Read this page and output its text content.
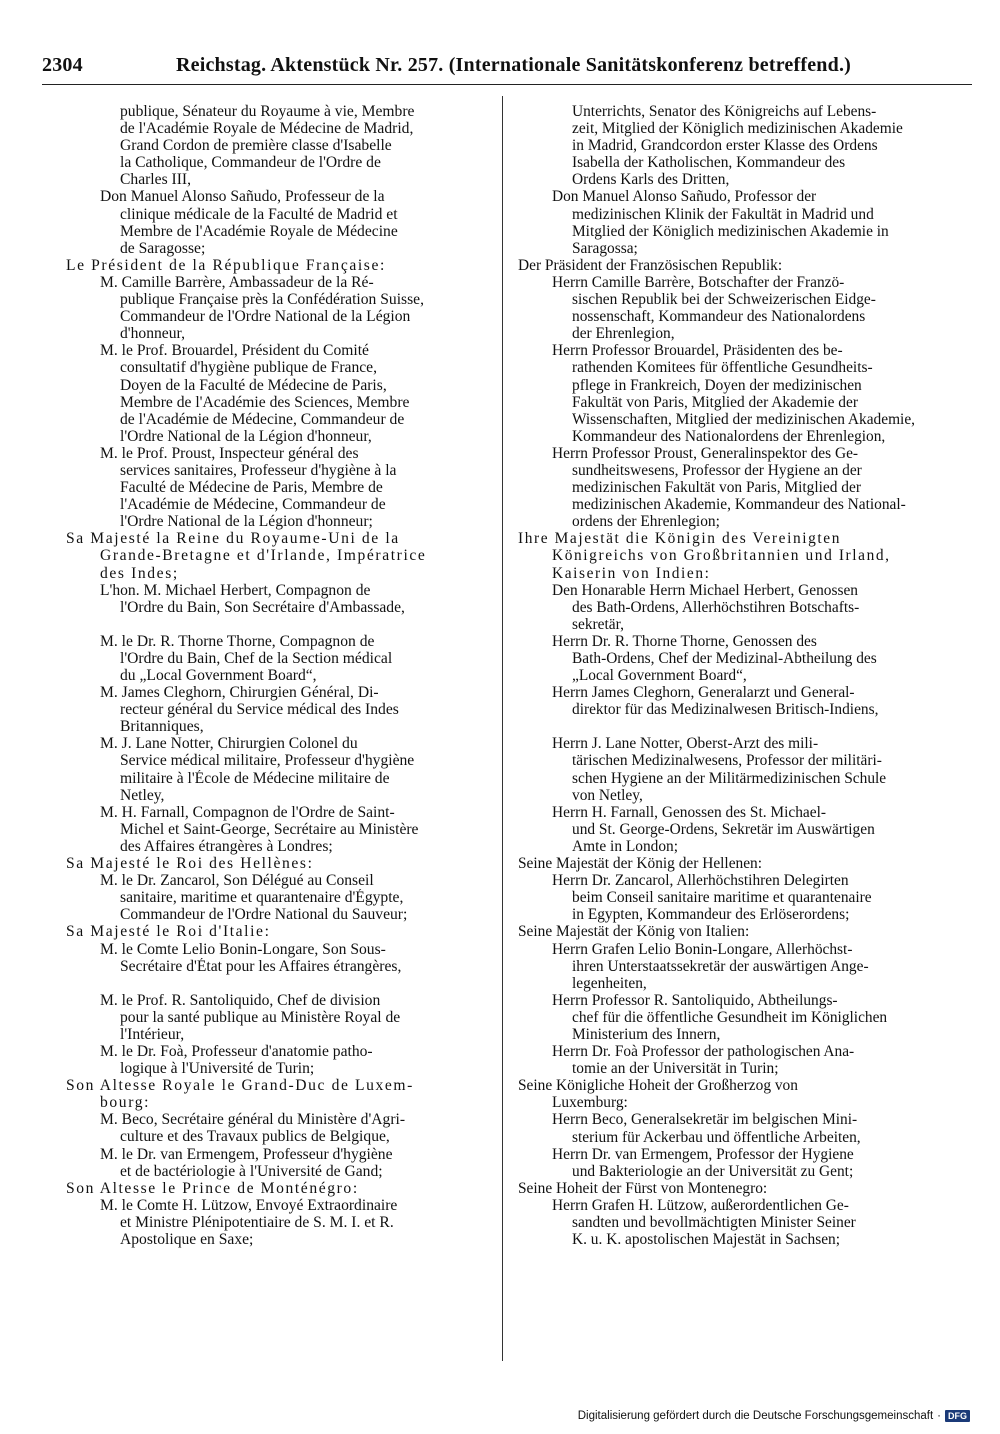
2304	Reichstag. Aktenstück Nr. 257. (Internationale Sanitätskonferenz betreffend.)
publique, Sénateur du Royaume à vie, Membre
de l'Académie Royale de Médecine de Madrid,
Grand Cordon de première classe d'Isabelle
la Catholique, Commandeur de l'Ordre de
Charles III,
Don Manuel Alonso Sañudo, Professeur de la
clinique médicale de la Faculté de Madrid et
Membre de l'Académie Royale de Médecine
de Saragosse;
Le Président de la République Française:
M. Camille Barrère, Ambassadeur de la Ré-
publique Française près la Confédération Suisse,
Commandeur de l'Ordre National de la Légion
d'honneur,
M. le Prof. Brouardel, Président du Comité
consultatif d'hygiène publique de France,
Doyen de la Faculté de Médecine de Paris,
Membre de l'Académie des Sciences, Membre
de l'Académie de Médecine, Commandeur de
l'Ordre National de la Légion d'honneur,
M. le Prof. Proust, Inspecteur général des
services sanitaires, Professeur d'hygiène à la
Faculté de Médecine de Paris, Membre de
l'Académie de Médecine, Commandeur de
l'Ordre National de la Légion d'honneur;
Sa Majesté la Reine du Royaume-Uni de la
Grande-Bretagne et d'Irlande, Impératrice
des Indes;
L'hon. M. Michael Herbert, Compagnon de
l'Ordre du Bain, Son Secrétaire d'Ambassade,
M. le Dr. R. Thorne Thorne, Compagnon de
l'Ordre du Bain, Chef de la Section médical
du „Local Government Board“,
M. James Cleghorn, Chirurgien Général, Di-
recteur général du Service médical des Indes
Britanniques,
M. J. Lane Notter, Chirurgien Colonel du
Service médical militaire, Professeur d'hygiène
militaire à l'École de Médecine militaire de
Netley,
M. H. Farnall, Compagnon de l'Ordre de Saint-
Michel et Saint-George, Secrétaire au Ministère
des Affaires étrangères à Londres;
Sa Majesté le Roi des Hellènes:
M. le Dr. Zancarol, Son Délégué au Conseil
sanitaire, maritime et quarantenaire d'Égypte,
Commandeur de l'Ordre National du Sauveur;
Sa Majesté le Roi d'Italie:
M. le Comte Lelio Bonin-Longare, Son Sous-
Secrétaire d'État pour les Affaires étrangères,
M. le Prof. R. Santoliquido, Chef de division
pour la santé publique au Ministère Royal de
l'Intérieur,
M. le Dr. Foà, Professeur d'anatomie patho-
logique à l'Université de Turin;
Son Altesse Royale le Grand-Duc de Luxem-
bourg:
M. Beco, Secrétaire général du Ministère d'Agri-
culture et des Travaux publics de Belgique,
M. le Dr. van Ermengem, Professeur d'hygiène
et de bactériologie à l'Université de Gand;
Son Altesse le Prince de Monténégro:
M. le Comte H. Lützow, Envoyé Extraordinaire
et Ministre Plénipotentiaire de S. M. I. et R.
Apostolique en Saxe;
Unterrichts, Senator des Königreichs auf Lebens-
zeit, Mitglied der Königlich medizinischen Akademie
in Madrid, Grandcordon erster Klasse des Ordens
Isabella der Katholischen, Kommandeur des
Ordens Karls des Dritten,
Don Manuel Alonso Sañudo, Professor der
medizinischen Klinik der Fakultät in Madrid und
Mitglied der Königlich medizinischen Akademie in
Saragossa;
Der Präsident der Französischen Republik:
Herrn Camille Barrère, Botschafter der Franzö-
sischen Republik bei der Schweizerischen Eidge-
nossenschaft, Kommandeur des Nationalordens
der Ehrenlegion,
Herrn Professor Brouardel, Präsidenten des be-
rathenden Komitees für öffentliche Gesundheits-
pflege in Frankreich, Doyen der medizinischen
Fakultät von Paris, Mitglied der Akademie der
Wissenschaften, Mitglied der medizinischen Akademie,
Kommandeur des Nationalordens der Ehrenlegion,
Herrn Professor Proust, Generalinspektor des Ge-
sundheitswesens, Professor der Hygiene an der
medizinischen Fakultät von Paris, Mitglied der
medizinischen Akademie, Kommandeur des National-
ordens der Ehrenlegion;
Ihre Majestät die Königin des Vereinigten
Königreichs von Großbritannien und Irland,
Kaiserin von Indien:
Den Honarable Herrn Michael Herbert, Genossen
des Bath-Ordens, Allerhöchstihren Botschafts-
sekretär,
Herrn Dr. R. Thorne Thorne, Genossen des
Bath-Ordens, Chef der Medizinal-Abtheilung des
„Local Government Board“,
Herrn James Cleghorn, Generalarzt und General-
direktor für das Medizinalwesen Britisch-Indiens,
Herrn J. Lane Notter, Oberst-Arzt des mili-
tärischen Medizinalwesens, Professor der militäri-
schen Hygiene an der Militärmedizinischen Schule
von Netley,
Herrn H. Farnall, Genossen des St. Michael-
und St. George-Ordens, Sekretär im Auswärtigen
Amte in London;
Seine Majestät der König der Hellenen:
Herrn Dr. Zancarol, Allerhöchstihren Delegirten
beim Conseil sanitaire maritime et quarantenaire
in Egypten, Kommandeur des Erlöserordens;
Seine Majestät der König von Italien:
Herrn Grafen Lelio Bonin-Longare, Allerhöchst-
ihren Unterstaatssekretär der auswärtigen Ange-
legenheiten,
Herrn Professor R. Santoliquido, Abtheilungs-
chef für die öffentliche Gesundheit im Königlichen
Ministerium des Innern,
Herrn Dr. Foà Professor der pathologischen Ana-
tomie an der Universität in Turin;
Seine Königliche Hoheit der Großherzog von
Luxemburg:
Herrn Beco, Generalsekretär im belgischen Mini-
sterium für Ackerbau und öffentliche Arbeiten,
Herrn Dr. van Ermengem, Professor der Hygiene
und Bakteriologie an der Universität zu Gent;
Seine Hoheit der Fürst von Montenegro:
Herrn Grafen H. Lützow, außerordentlichen Ge-
sandten und bevollmächtigten Minister Seiner
K. u. K. apostolischen Majestät in Sachsen;
Digitalisierung gefördert durch die Deutsche Forschungsgemeinschaft · DFG
